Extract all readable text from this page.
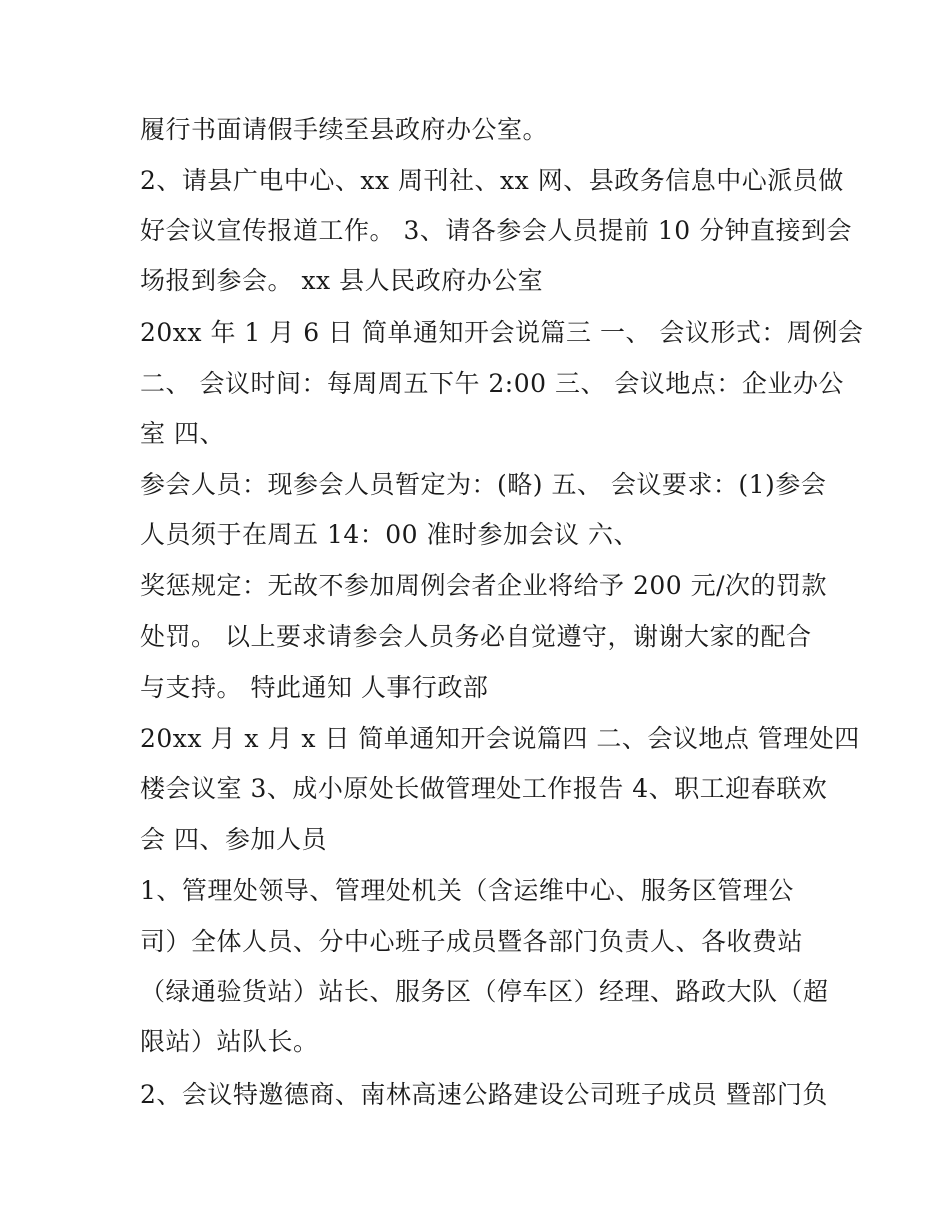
履行书面请假手续至县政府办公室。
2、请县广电中心、xx 周刊社、xx 网、县政务信息中心派员做
好会议宣传报道工作。 3、请各参会人员提前 10 分钟直接到会
场报到参会。 xx 县人民政府办公室
20xx 年 1 月 6 日 简单通知开会说篇三 一、 会议形式：周例会
二、 会议时间：每周周五下午 2:00 三、 会议地点：企业办公
室 四、
参会人员：现参会人员暂定为：(略) 五、 会议要求：(1)参会
人员须于在周五 14：00 准时参加会议 六、
奖惩规定：无故不参加周例会者企业将给予 200 元/次的罚款
处罚。 以上要求请参会人员务必自觉遵守，谢谢大家的配合
与支持。 特此通知 人事行政部
20xx 月 x 月 x 日 简单通知开会说篇四 二、会议地点 管理处四
楼会议室 3、成小原处长做管理处工作报告 4、职工迎春联欢
会 四、参加人员
1、管理处领导、管理处机关（含运维中心、服务区管理公
司）全体人员、分中心班子成员暨各部门负责人、各收费站
（绿通验货站）站长、服务区（停车区）经理、路政大队（超
限站）站队长。
2、会议特邀德商、南林高速公路建设公司班子成员 暨部门负
